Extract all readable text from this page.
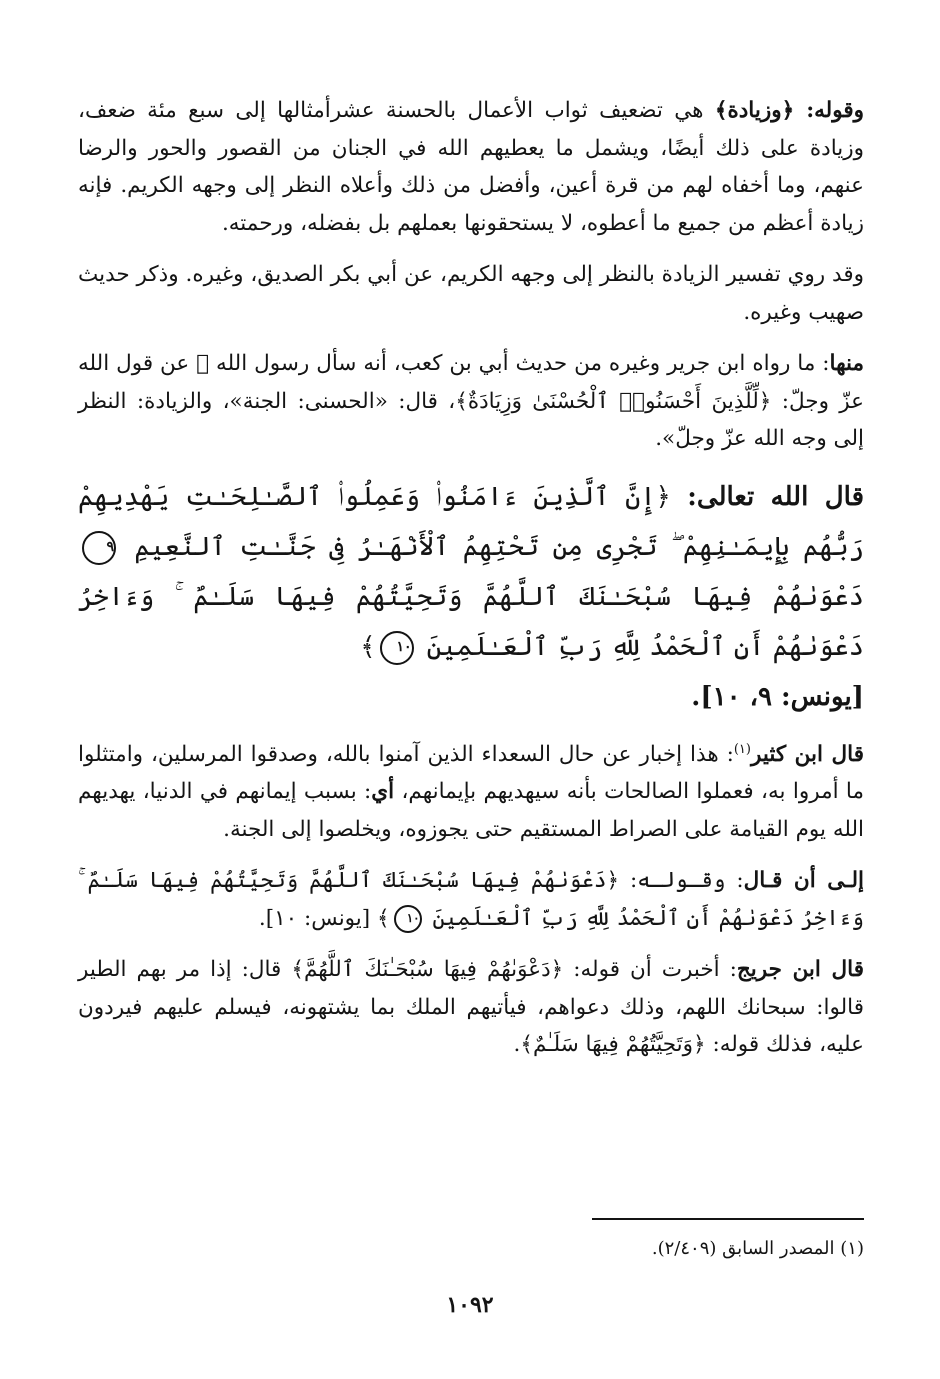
وقوله: ﴿وزيادة﴾ هي تضعيف ثواب الأعمال بالحسنة عشرأمثالها إلى سبع مئة ضعف، وزيادة على ذلك أيضًا، ويشمل ما يعطيهم الله في الجنان من القصور والحور والرضا عنهم، وما أخفاه لهم من قرة أعين، وأفضل من ذلك وأعلاه النظر إلى وجهه الكريم. فإنه زيادة أعظم من جميع ما أعطوه، لا يستحقونها بعملهم بل بفضله، ورحمته.

وقد روي تفسير الزيادة بالنظر إلى وجهه الكريم، عن أبي بكر الصديق، وغيره. وذكر حديث صهيب وغيره.

منها: ما رواه ابن جرير وغيره من حديث أبي بن كعب، أنه سأل رسول الله ﷺ عن قول الله عزّ وجلّ: ﴿لِّلَّذِينَ أَحْسَنُوا۟ ٱلْحُسْنَىٰ وَزِيَادَةٌ﴾، قال: «الحسنى: الجنة»، والزيادة: النظر إلى وجه الله عزّ وجلّ».

قال الله تعالى: ﴿إِنَّ ٱلَّذِينَ ءَامَنُوا۟ وَعَمِلُوا۟ ٱلصَّـٰلِحَـٰتِ يَهْدِيهِمْ رَبُّهُم بِإِيمَـٰنِهِمْ ۖ تَجْرِى مِن تَحْتِهِمُ ٱلْأَنْهَـٰرُ فِى جَنَّـٰتِ ٱلنَّعِيمِ ٩ دَعْوَىٰهُمْ فِيهَا سُبْحَـٰنَكَ ٱللَّهُمَّ وَتَحِيَّتُهُمْ فِيهَا سَلَـٰمٌ ۚ وَءَاخِرُ دَعْوَىٰهُمْ أَنِ ٱلْحَمْدُ لِلَّهِ رَبِّ ٱلْعَـٰلَمِينَ ١٠﴾
[يونس: ٩، ١٠].

قال ابن كثير$^{(١)}$: هذا إخبار عن حال السعداء الذين آمنوا بالله، وصدقوا المرسلين، وامتثلوا ما أمروا به، فعملوا الصالحات بأنه سيهديهم بإيمانهم، أي: بسبب إيمانهم في الدنيا، يهديهم الله يوم القيامة على الصراط المستقيم حتى يجوزوه، ويخلصوا إلى الجنة.

إلـى أن قـال: وقـولـه: ﴿دَعْوَىٰهُمْ فِيهَا سُبْحَـٰنَكَ ٱللَّهُمَّ وَتَحِيَّتُهُمْ فِيهَا سَلَـٰمٌ ۚ وَءَاخِرُ دَعْوَىٰهُمْ أَنِ ٱلْحَمْدُ لِلَّهِ رَبِّ ٱلْعَـٰلَمِينَ ١٠﴾ [يونس: ١٠].

قال ابن جريج: أخبرت أن قوله: ﴿دَعْوَىٰهُمْ فِيهَا سُبْحَـٰنَكَ ٱللَّهُمَّ﴾ قال: إذا مر بهم الطير قالوا: سبحانك اللهم، وذلك دعواهم، فيأتيهم الملك بما يشتهونه، فيسلم عليهم فيردون عليه، فذلك قوله: ﴿وَتَحِيَّتُهُمْ فِيهَا سَلَـٰمٌ﴾.

(١) المصدر السابق (٢/٤٠٩).
١٠٩٢
